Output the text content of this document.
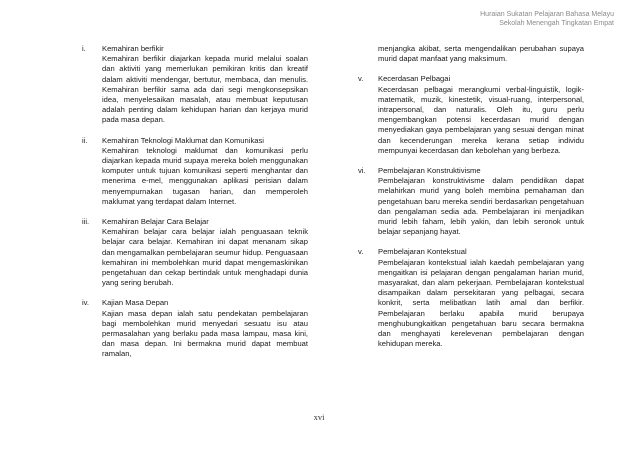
Huraian Sukatan Pelajaran Bahasa Melayu
Sekolah Menengah Tingkatan Empat
i. Kemahiran berfikir
Kemahiran berfikir diajarkan kepada murid melalui soalan dan aktiviti yang memerlukan pemikiran kritis dan kreatif dalam aktiviti mendengar, bertutur, membaca, dan menulis. Kemahiran berfikir sama ada dari segi mengkonsepsikan idea, menyelesaikan masalah, atau membuat keputusan adalah penting dalam kehidupan harian dan kerjaya murid pada masa depan.
ii. Kemahiran Teknologi Maklumat dan Komunikasi
Kemahiran teknologi maklumat dan komunikasi perlu diajarkan kepada murid supaya mereka boleh menggunakan komputer untuk tujuan komunikasi seperti menghantar dan menerima e-mel, menggunakan aplikasi perisian dalam menyempurnakan tugasan harian, dan memperoleh maklumat yang terdapat dalam Internet.
iii. Kemahiran Belajar Cara Belajar
Kemahiran belajar cara belajar ialah penguasaan teknik belajar cara belajar. Kemahiran ini dapat menanam sikap dan mengamalkan pembelajaran seumur hidup. Penguasaan kemahiran ini membolehkan murid dapat mengemaskinikan pengetahuan dan cekap bertindak untuk menghadapi dunia yang sering berubah.
iv. Kajian Masa Depan
Kajian masa depan ialah satu pendekatan pembelajaran bagi membolehkan murid menyedari sesuatu isu atau permasalahan yang berlaku pada masa lampau, masa kini, dan masa depan. Ini bermakna murid dapat membuat ramalan,
menjangka akibat, serta mengendalikan perubahan supaya murid dapat manfaat yang maksimum.
v. Kecerdasan Pelbagai
Kecerdasan pelbagai merangkumi verbal-linguistik, logik-matematik, muzik, kinestetik, visual-ruang, interpersonal, intrapersonal, dan naturalis. Oleh itu, guru perlu mengembangkan potensi kecerdasan murid dengan menyediakan gaya pembelajaran yang sesuai dengan minat dan kecenderungan mereka kerana setiap individu mempunyai kecerdasan dan kebolehan yang berbeza.
vi. Pembelajaran Konstruktivisme
Pembelajaran konstruktivisme dalam pendidikan dapat melahirkan murid yang boleh membina pemahaman dan pengetahuan baru mereka sendiri berdasarkan pengetahuan dan pengalaman sedia ada. Pembelajaran ini menjadikan murid lebih faham, lebih yakin, dan lebih seronok untuk belajar sepanjang hayat.
v. Pembelajaran Kontekstual
Pembelajaran kontekstual ialah kaedah pembelajaran yang mengaitkan isi pelajaran dengan pengalaman harian murid, masyarakat, dan alam pekerjaan. Pembelajaran kontekstual disampaikan dalam persekitaran yang pelbagai, secara konkrit, serta melibatkan latih amal dan berfikir. Pembelajaran berlaku apabila murid berupaya menghubungkaitkan pengetahuan baru secara bermakna dan menghayati kerelevenan pembelajaran dengan kehidupan mereka.
xvi
